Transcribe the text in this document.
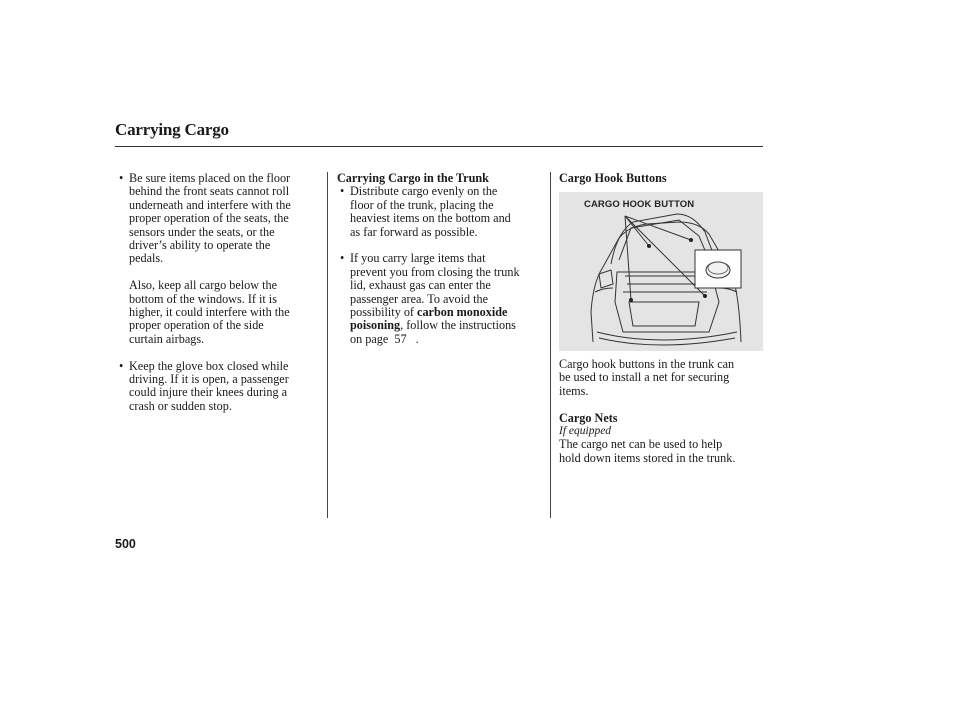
Carrying Cargo
• Be sure items placed on the floor

behind the front seats cannot roll

underneath and interfere with the

proper operation of the seats, the

sensors under the seats, or the

driver’s ability to operate the

pedals.

Also, keep all cargo below the

bottom of the windows. If it is

higher, it could interfere with the

proper operation of the side

curtain airbags.

• Keep the glove box closed while

driving. If it is open, a passenger

could injure their knees during a

crash or sudden stop.

Carrying Cargo in the Trunk

• Distribute cargo evenly on the

floor of the trunk, placing the

heaviest items on the bottom and

as far forward as possible.

• If you carry large items that

prevent you from closing the trunk

lid, exhaust gas can enter the

passenger area. To avoid the

possibility of carbon monoxide

poisoning, follow the instructions

on page 57 .

Cargo Hook Buttons

CARGO HOOK BUTTON

Cargo hook buttons in the trunk can

be used to install a net for securing

items.

Cargo Nets

If equipped

The cargo net can be used to help

hold down items stored in the trunk.

500
